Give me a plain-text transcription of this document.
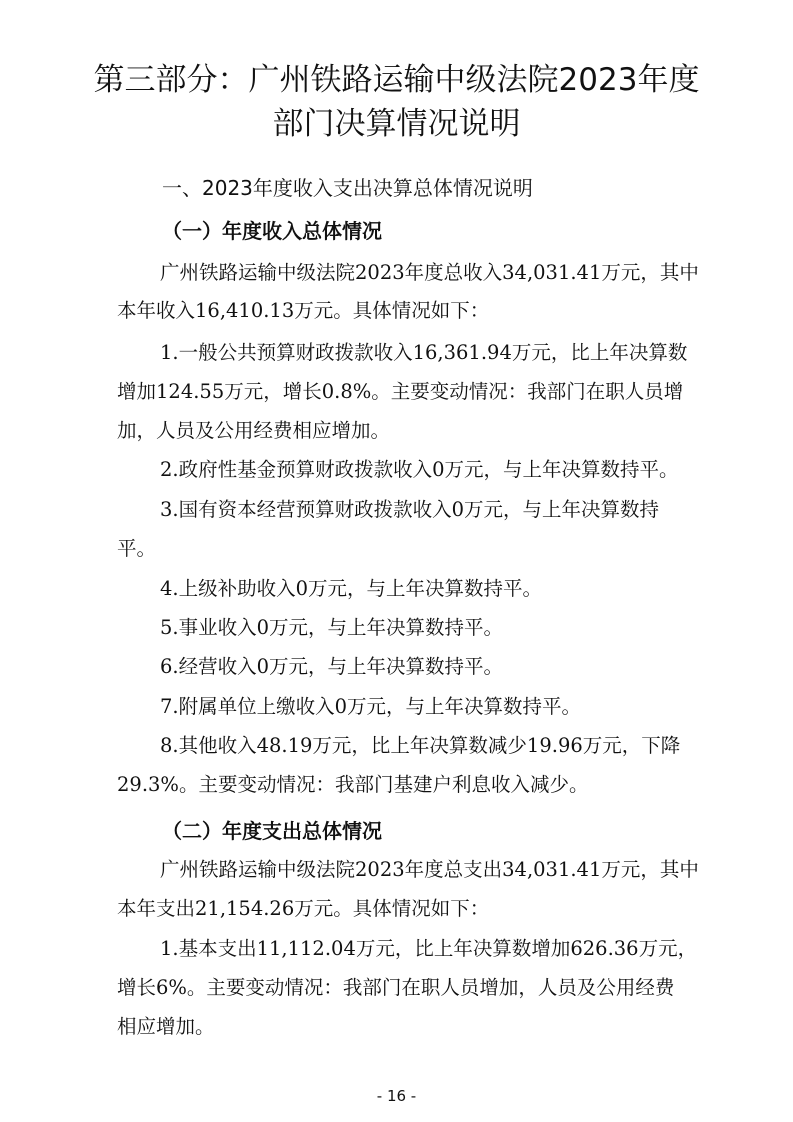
第三部分：广州铁路运输中级法院2023年度
部门决算情况说明
一、2023年度收入支出决算总体情况说明
（一）年度收入总体情况
广州铁路运输中级法院2023年度总收入34,031.41万元，其中
本年收入16,410.13万元。具体情况如下：
1.一般公共预算财政拨款收入16,361.94万元，比上年决算数
增加124.55万元，增长0.8%。主要变动情况：我部门在职人员增
加，人员及公用经费相应增加。
2.政府性基金预算财政拨款收入0万元，与上年决算数持平。
3.国有资本经营预算财政拨款收入0万元，与上年决算数持
平。
4.上级补助收入0万元，与上年决算数持平。
5.事业收入0万元，与上年决算数持平。
6.经营收入0万元，与上年决算数持平。
7.附属单位上缴收入0万元，与上年决算数持平。
8.其他收入48.19万元，比上年决算数减少19.96万元，下降
29.3%。主要变动情况：我部门基建户利息收入减少。
（二）年度支出总体情况
广州铁路运输中级法院2023年度总支出34,031.41万元，其中
本年支出21,154.26万元。具体情况如下：
1.基本支出11,112.04万元，比上年决算数增加626.36万元，
增长6%。主要变动情况：我部门在职人员增加，人员及公用经费
相应增加。
- 16 -
